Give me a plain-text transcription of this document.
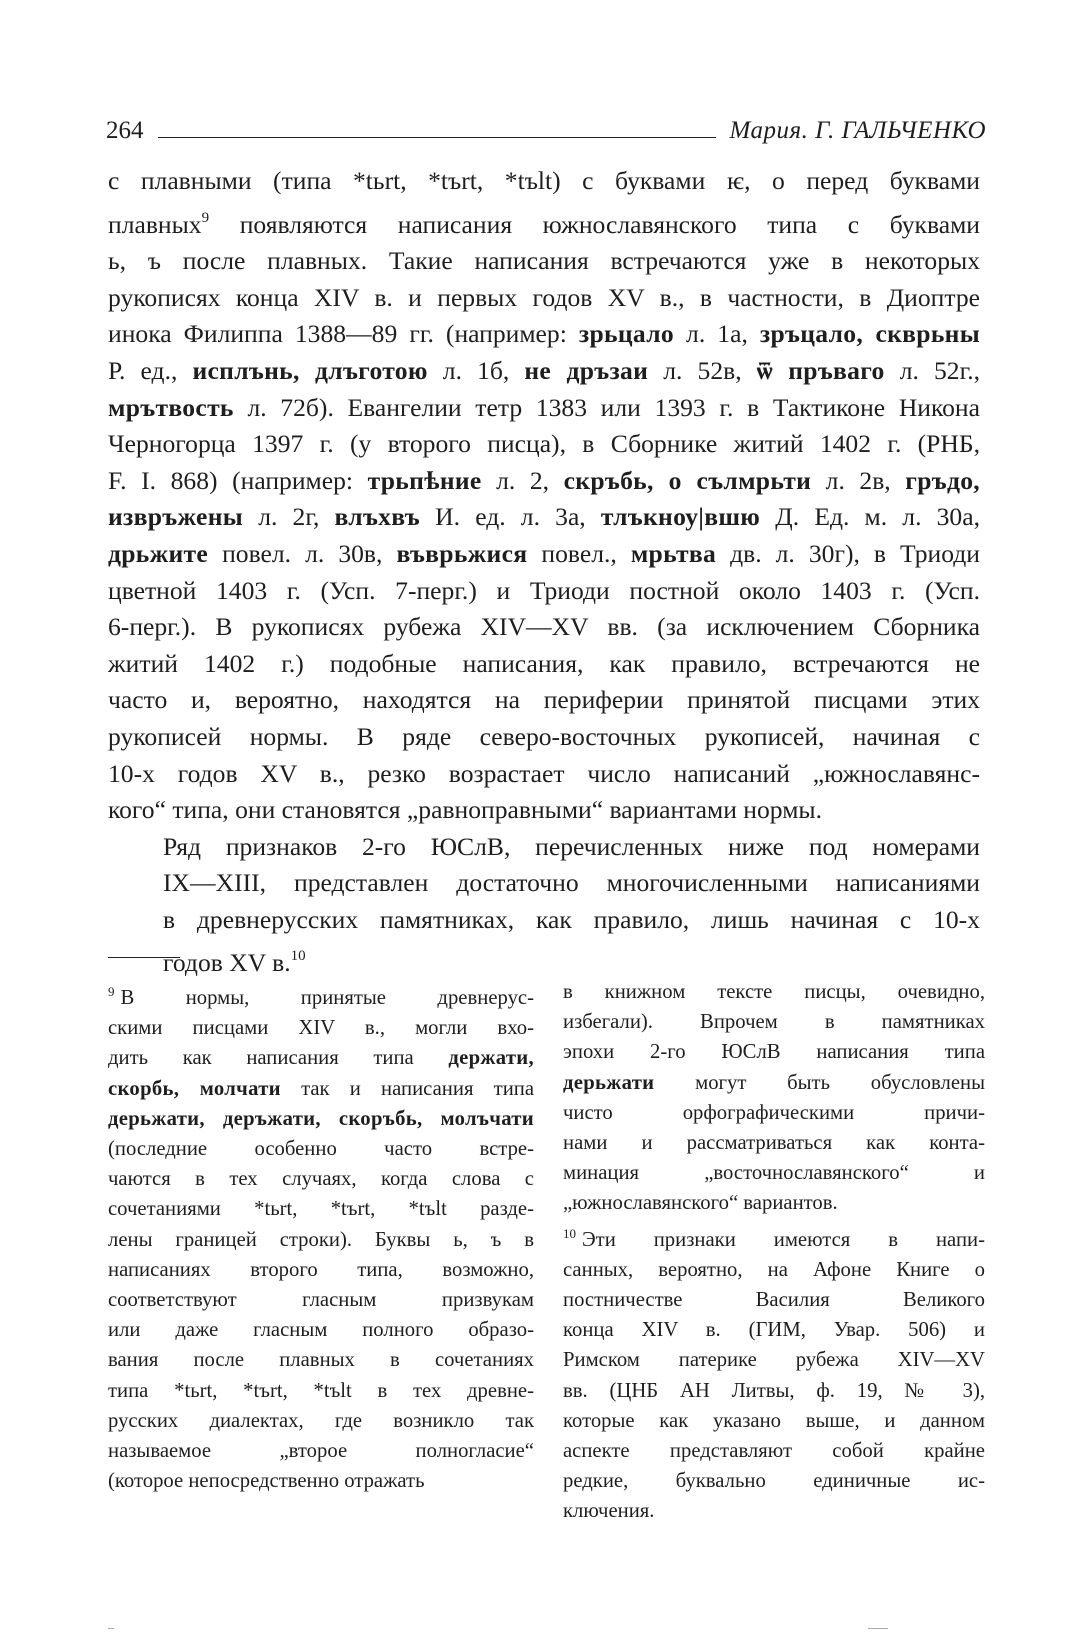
264	Мария. Г. ГАЛЬЧЕНКО

с плавными (типа *tьrt, *tъrt, *tъlt) с буквами ѥ, о перед буквами
плавных$^9$ появляются написания южнославянского типа с буквами
ь, ъ после плавных. Такие написания встречаются уже в некоторых
рукописях конца XIV в. и первых годов XV в., в частности, в Диоптре
инока Филиппа 1388—89 гг. (например: зрьцало л. 1а, зръцало, скврьны
Р. ед., исплънь, длъготою л. 1б, не дръзаи л. 52в, ѿ пръваго л. 52г.,
мрътвость л. 72б). Евангелии тетр 1383 или 1393 г. в Тактиконе Никона
Черногорца 1397 г. (у второго писца), в Сборнике житий 1402 г. (РНБ,
F. I. 868) (например: трьпѣние л. 2, скръбь, о сълмрьти л. 2в, гръдо,
извръжены л. 2г, влъхвъ И. ед. л. 3а, тлъкноу|вшю Д. Ед. м. л. 30а,
дрьжите повел. л. 30в, въврьжися повел., мрьтва дв. л. 30г), в Триоди
цветной 1403 г. (Усп. 7-перг.) и Триоди постной около 1403 г. (Усп.
6-перг.). В рукописях рубежа XIV—XV вв. (за исключением Сборника
житий 1402 г.) подобные написания, как правило, встречаются не
часто и, вероятно, находятся на периферии принятой писцами этих
рукописей нормы. В ряде северо-восточных рукописей, начиная с
10-х годов XV в., резко возрастает число написаний „южнославянс-
кого“ типа, они становятся „равноправными“ вариантами нормы.

Ряд признаков 2-го ЮСлВ, перечисленных ниже под номерами
IX—XIII, представлен достаточно многочисленными написаниями
в древнерусских памятниках, как правило, лишь начиная с 10-х
годов XV в.$^{10}$

$^9$ В нормы, принятые древнерус-
скими писцами XIV в., могли вхо-
дить как написания типа держати,
скорбь, молчати так и написания типа
дерьжати, деръжати, скоръбь, молъчати
(последние особенно часто встре-
чаются в тех случаях, когда слова с
сочетаниями *tьrt, *tъrt, *tъlt разде-
лены границей строки). Буквы ь, ъ в
написаниях второго типа, возможно,
соответствуют гласным призвукам
или даже гласным полного образо-
вания после плавных в сочетаниях
типа *tьrt, *tъrt, *tъlt в тех древне-
русских диалектах, где возникло так
называемое „второе полногласие“
(которое непосредственно отражать
в книжном тексте писцы, очевидно,
избегали). Впрочем в памятниках
эпохи 2-го ЮСлВ написания типа
дерьжати могут быть обусловлены
чисто орфографическими причи-
нами и рассматриваться как конта-
минация „восточнославянского“ и
„южнославянского“ вариантов.
$^{10}$ Эти признаки имеются в напи-
санных, вероятно, на Афоне Книге о
постничестве Василия Великого
конца XIV в. (ГИМ, Увар. 506) и
Римском патерике рубежа XIV—XV
вв. (ЦНБ АН Литвы, ф. 19, № 3),
которые как указано выше, и данном
аспекте представляют собой крайне
редкие, буквально единичные ис-
ключения.
